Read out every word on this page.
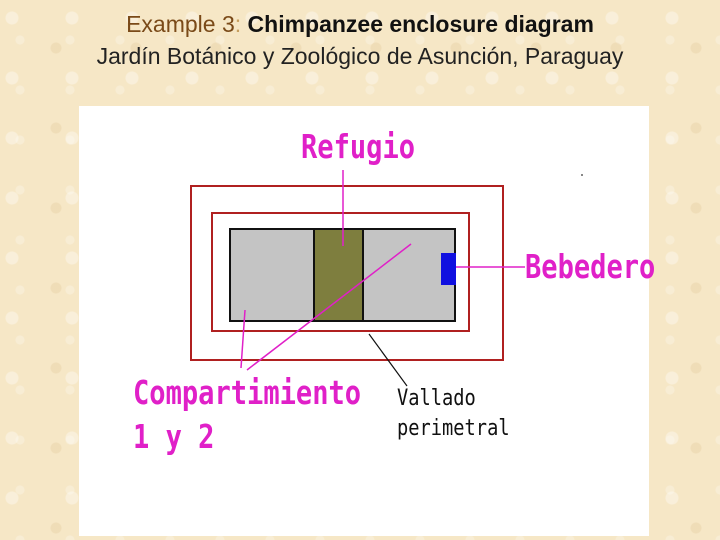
Example 3: Chimpanzee enclosure diagram
Jardín Botánico y Zoológico de Asunción, Paraguay
Refugio
Bebedero
Compartimiento
1 y 2
Vallado
perimetral
